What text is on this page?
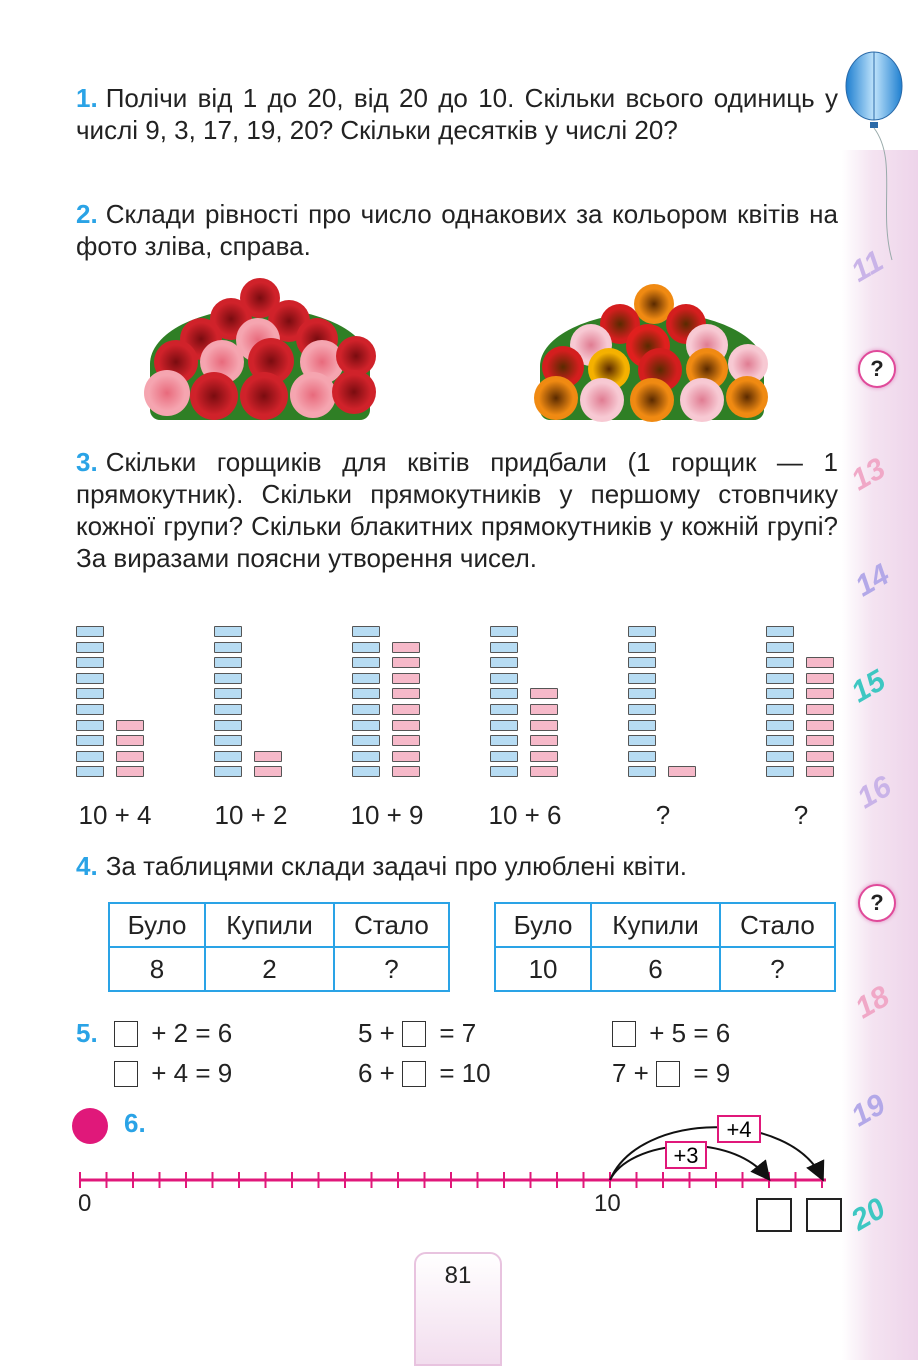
11
?
13
14
15
16
?
18
19
20
1. Полічи від 1 до 20, від 20 до 10. Скільки всього одиниць у числі 9, 3, 17, 19, 20? Скільки десятків у числі 20?
2. Склади рівності про число однакових за кольором квітів на фото зліва, справа.
3. Скільки горщиків для квітів придбали (1 горщик — 1 прямокутник). Скільки прямокутників у першому стовпчику кожної групи? Скільки блакитних прямокутників у кожній групі? За виразами поясни утворення чисел.
10 + 4	10 + 2	10 + 9	10 + 6	?	?
4. За таблицями склади задачі про улюблені квіти.
Було	Купили	Стало
8	2	?
Було	Купили	Стало
10	6	?
5. + 2 = 6
+ 4 = 9
5 + = 7
6 + = 10
+ 5 = 6
7 + = 9
6.
+3
+4
0	10
81
